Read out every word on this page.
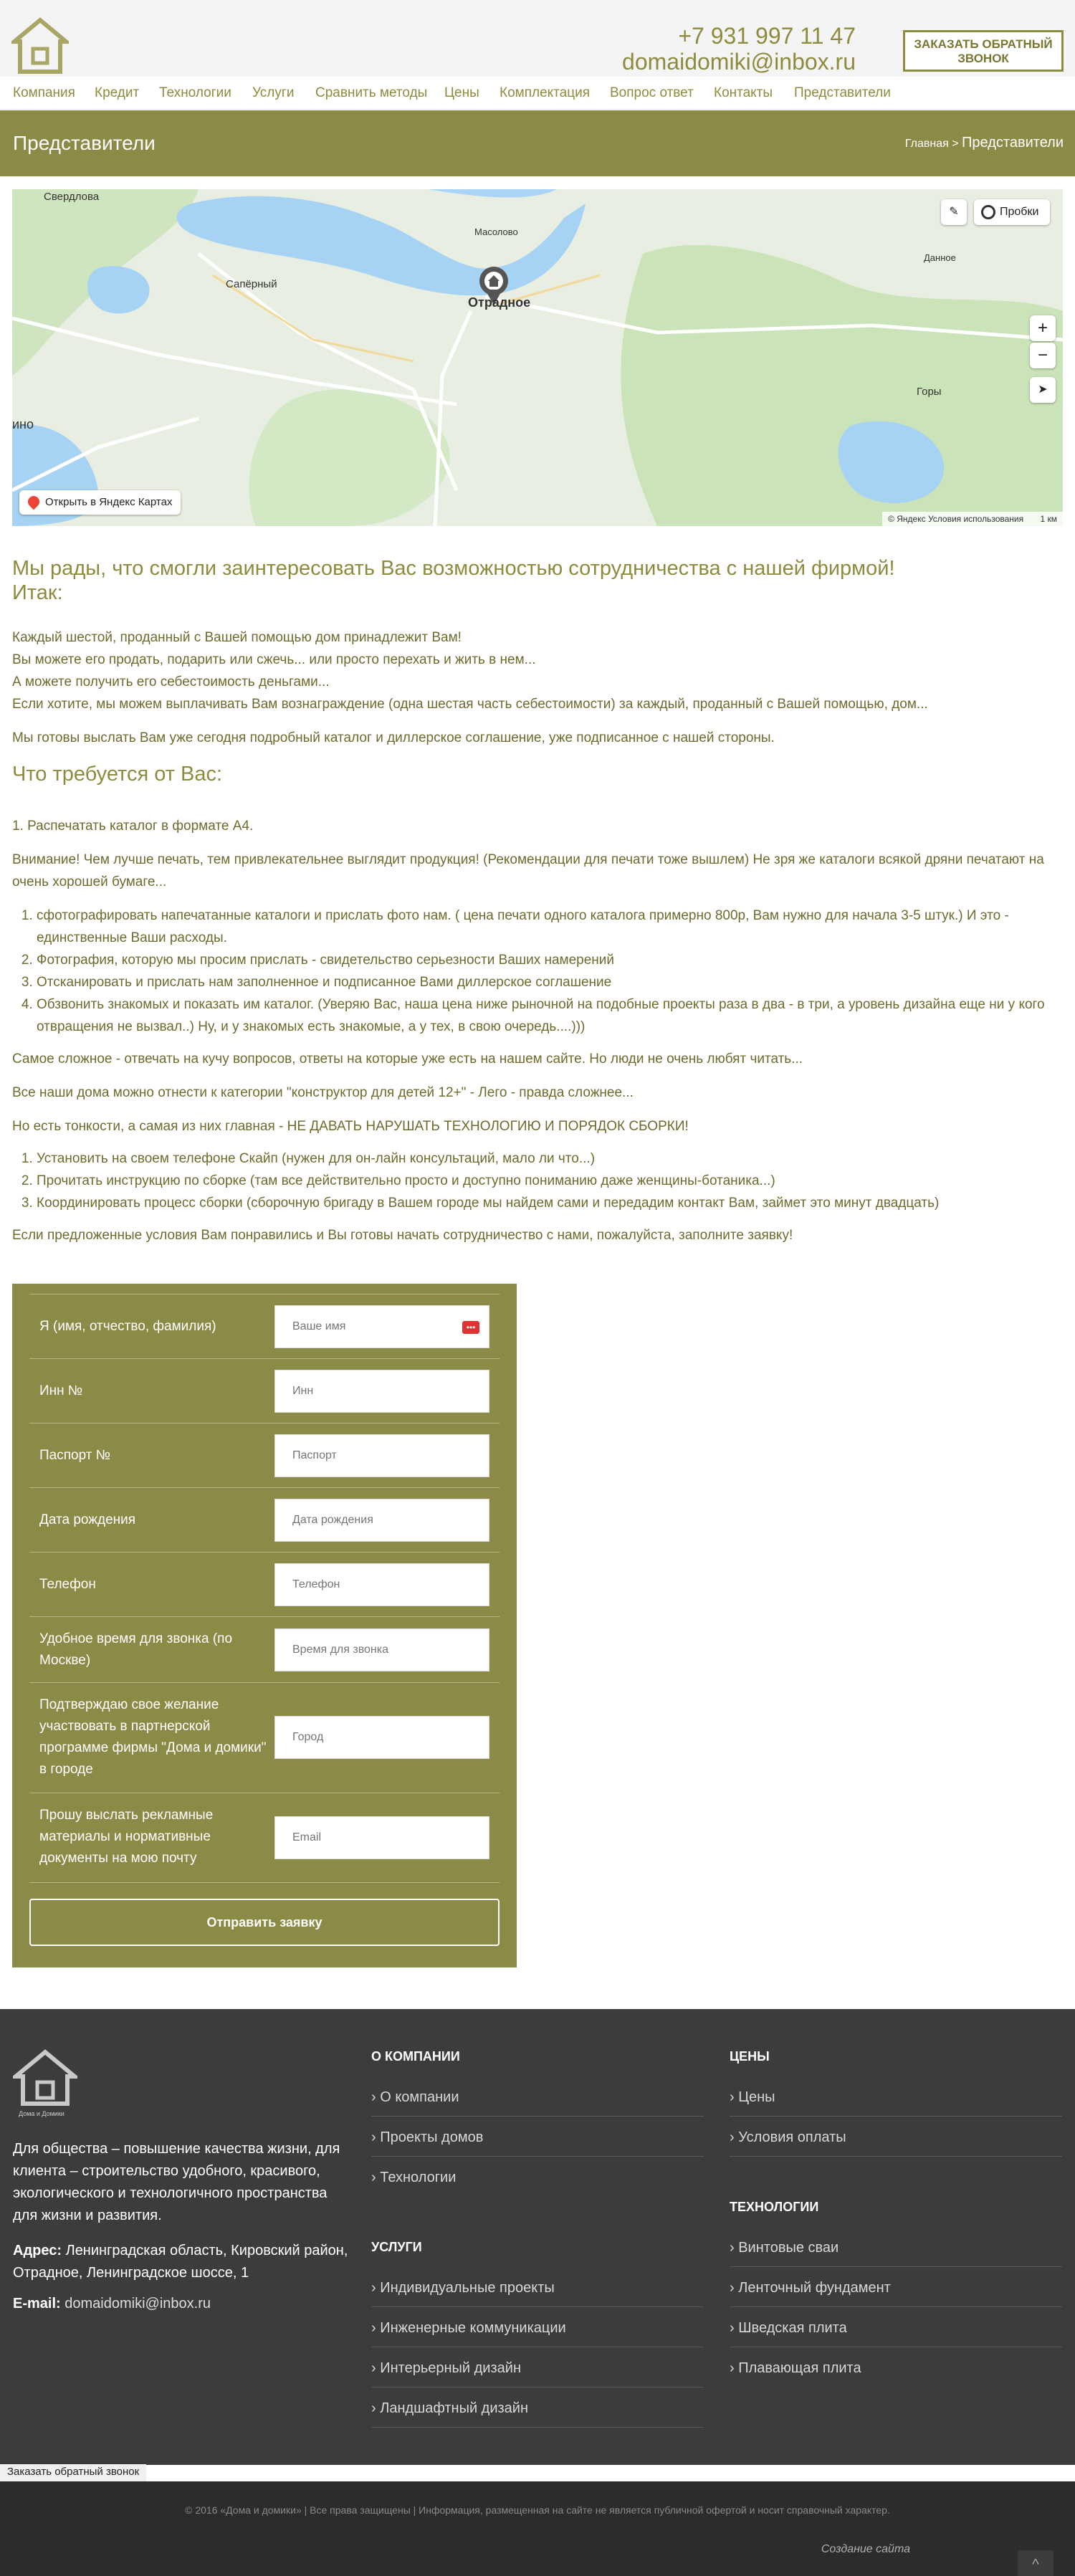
+7 931 997 11 47
domaidomiki@inbox.ru
ЗАКАЗАТЬ ОБРАТНЫЙ ЗВОНОК
Компания Кредит Технологии Услуги Сравнить методы Цены Комплектация Вопрос ответ Контакты Представители
Представители	Главная > Представители
Свердлова
Масолово
Отрадное
Сапёрный
Данное
Горы
ино
✎	Пробки
+
−
➤
Открыть в Яндекс Картах
© Яндекс Условия использования 1 км
Мы рады, что смогли заинтересовать Вас возможностью сотрудничества с нашей фирмой!
Итак:

Каждый шестой, проданный с Вашей помощью дом принадлежит Вам!

Вы можете его продать, подарить или сжечь... или просто перехать и жить в нем...

А можете получить его себестоимость деньгами...

Если хотите, мы можем выплачивать Вам вознаграждение (одна шестая часть себестоимости) за каждый, проданный с Вашей помощью, дом...

Мы готовы выслать Вам уже сегодня подробный каталог и диллерское соглашение, уже подписанное с нашей стороны.

Что требуется от Вас:

1. Распечатать каталог в формате А4.

Внимание! Чем лучше печать, тем привлекательнее выглядит продукция! (Рекомендации для печати тоже вышлем) Не зря же каталоги всякой дряни печатают на очень хорошей бумаге...

1. сфотографировать напечатанные каталоги и прислать фото нам. ( цена печати одного каталога примерно 800р, Вам нужно для начала 3-5 штук.) И это - единственные Ваши расходы.
2. Фотография, которую мы просим прислать - свидетельство серьезности Ваших намерений
3. Отсканировать и прислать нам заполненное и подписанное Вами диллерское соглашение
4. Обзвонить знакомых и показать им каталог. (Уверяю Вас, наша цена ниже рыночной на подобные проекты раза в два - в три, а уровень дизайна еще ни у кого отвращения не вызвал..) Ну, и у знакомых есть знакомые, а у тех, в свою очередь....)))

Самое сложное - отвечать на кучу вопросов, ответы на которые уже есть на нашем сайте. Но люди не очень любят читать...

Все наши дома можно отнести к категории "конструктор для детей 12+" - Лего - правда сложнее...

Но есть тонкости, а самая из них главная - НЕ ДАВАТЬ НАРУШАТЬ ТЕХНОЛОГИЮ И ПОРЯДОК СБОРКИ!

1. Установить на своем телефоне Скайп (нужен для он-лайн консультаций, мало ли что...)
2. Прочитать инструкцию по сборке (там все действительно просто и доступно пониманию даже женщины-ботаника...)
3. Координировать процесс сборки (сборочную бригаду в Вашем городе мы найдем сами и передадим контакт Вам, займет это минут двадцать)

Если предложенные условия Вам понравились и Вы готовы начать сотрудничество с нами, пожалуйста, заполните заявку!

Я (имя, отчество, фамилия)
Ваше имя	•••
Инн №
Инн
Паспорт №
Паспорт
Дата рождения
Дата рождения
Телефон
Телефон
Удобное время для звонка (по Москве)
Время для звонка
Подтверждаю свое желание участвовать в партнерской программе фирмы "Дома и домики" в городе
Город
Прошу выслать рекламные материалы и нормативные документы на мою почту
Email
Отправить заявку
Дома и Домики
Для общества – повышение качества жизни, для клиента – строительство удобного, красивого, экологического и технологичного пространства для жизни и развития.
Адрес: Ленинградская область, Кировский район, Отрадное, Ленинградское шоссе, 1
E-mail: domaidomiki@inbox.ru
О КОМПАНИИ
› О компании
› Проекты домов
› Технологии
УСЛУГИ
› Индивидуальные проекты
› Инженерные коммуникации
› Интерьерный дизайн
› Ландшафтный дизайн
ЦЕНЫ
› Цены
› Условия оплаты
ТЕХНОЛОГИИ
› Винтовые сваи
› Ленточный фундамент
› Шведская плита
› Плавающая плита
Заказать обратный звонок
© 2016 «Дома и домики» | Все права защищены | Информация, размещенная на сайте не является публичной офертой и носит справочный характер.
Создание сайта
^
